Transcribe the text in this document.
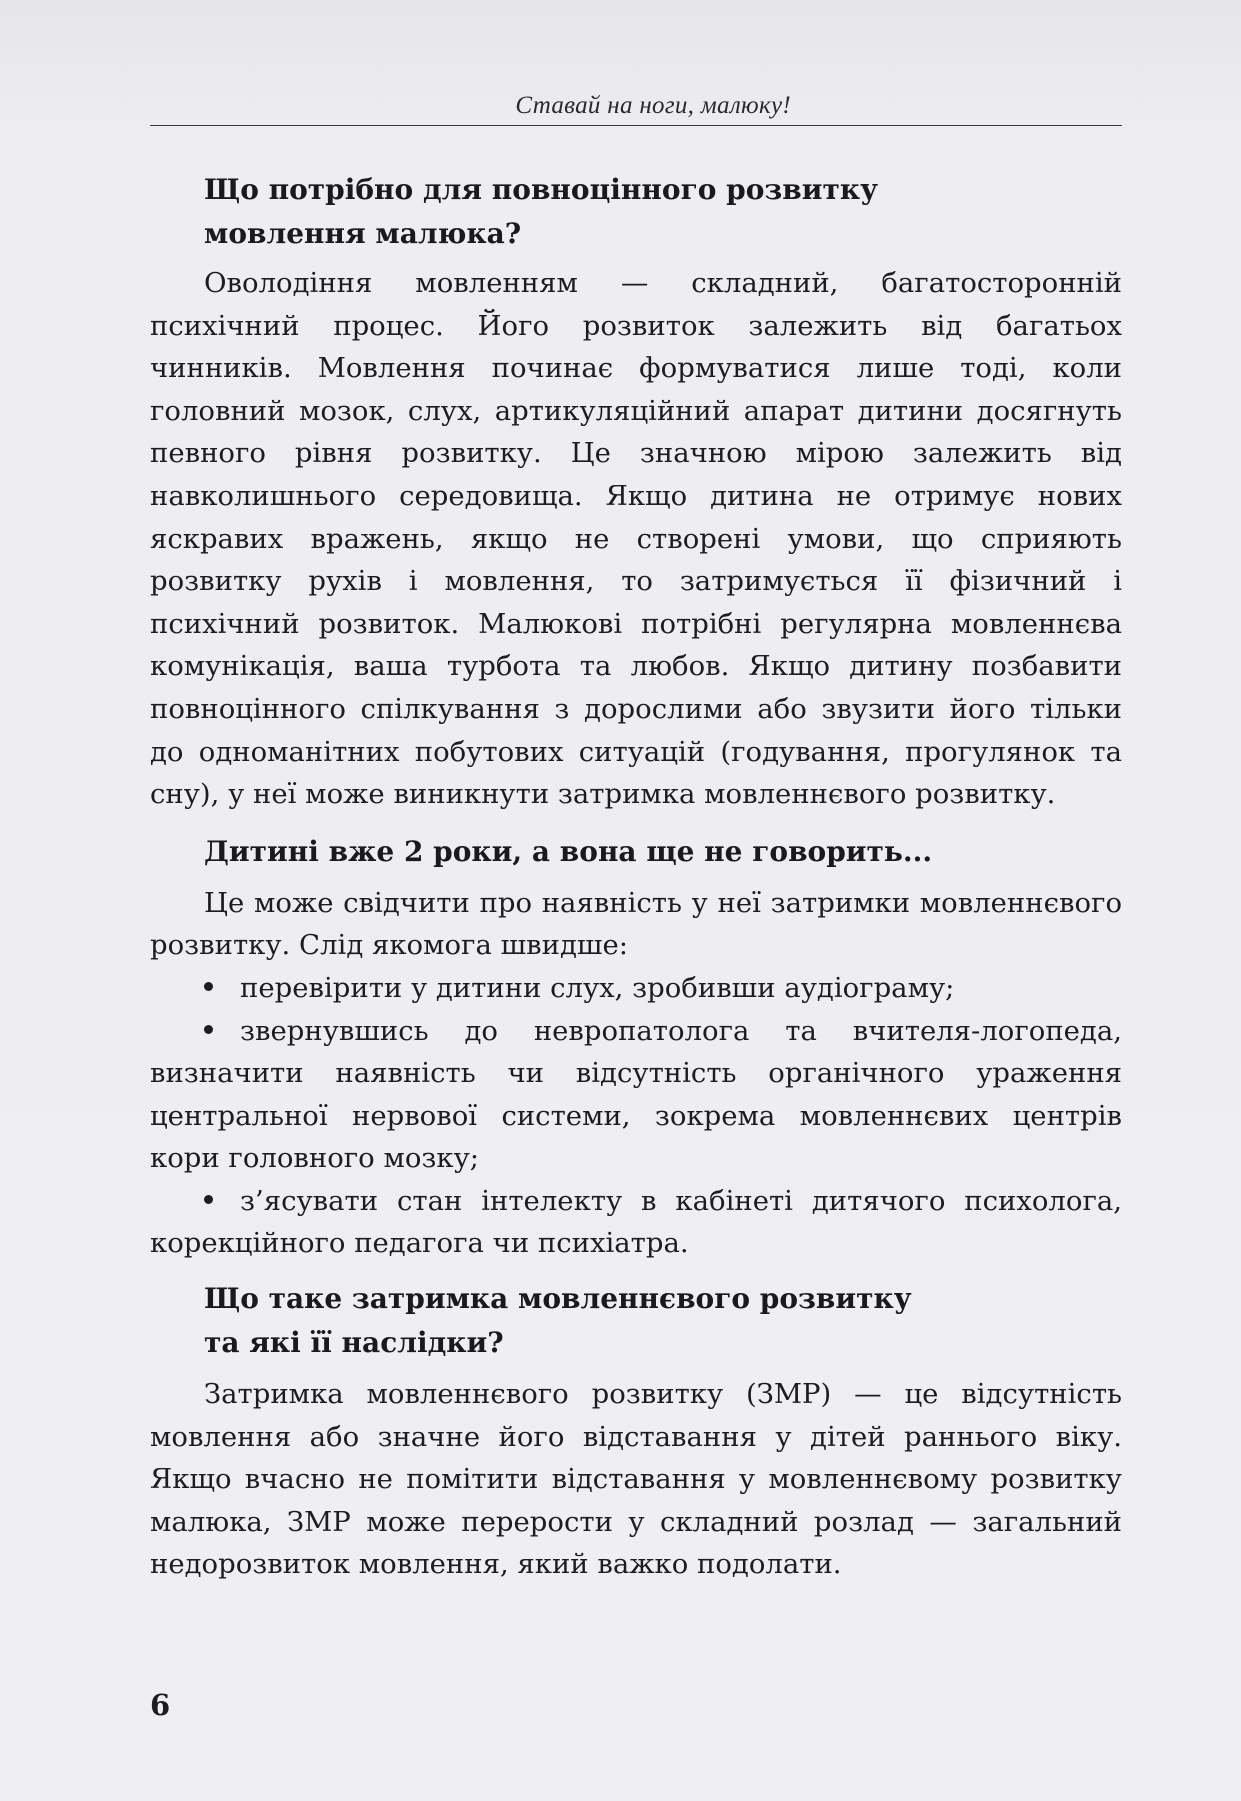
Ставай на ноги, малюку!
Що потрібно для повноцінного розвитку
мовлення малюка?

Оволодіння мовленням — складний, багатосторонній психічний процес. Його розвиток залежить від багатьох чинників. Мовлення починає формуватися лише тоді, коли головний мозок, слух, артикуляційний апарат дитини досягнуть певного рівня розвитку. Це значною мірою залежить від навколишнього середовища. Якщо дитина не отримує нових яскравих вражень, якщо не створені умови, що сприяють розвитку рухів і мовлення, то затримується її фізичний і психічний розвиток. Малюкові потрібні регулярна мовленнєва комунікація, ваша турбота та любов. Якщо дитину позбавити повноцінного спілкування з дорослими або звузити його тільки до одноманітних побутових ситуацій (годування, прогулянок та сну), у неї може виникнути затримка мовленнєвого розвитку.

Дитині вже 2 роки, а вона ще не говорить...

Це може свідчити про наявність у неї затримки мовленнєвого розвитку. Слід якомога швидше:

перевірити у дитини слух, зробивши аудіограму;
звернувшись до невропатолога та вчителя-логопеда, визначити наявність чи відсутність органічного ураження центральної нервової системи, зокрема мовленнєвих центрів кори головного мозку;
з’ясувати стан інтелекту в кабінеті дитячого психолога, корекційного педагога чи психіатра.
Що таке затримка мовленнєвого розвитку
та які її наслідки?

Затримка мовленнєвого розвитку (ЗМР) — це відсутність мовлення або значне його відставання у дітей раннього віку. Якщо вчасно не помітити відставання у мовленнєвому розвитку малюка, ЗМР може перерости у складний розлад — загальний недорозвиток мовлення, який важко подолати.

6
